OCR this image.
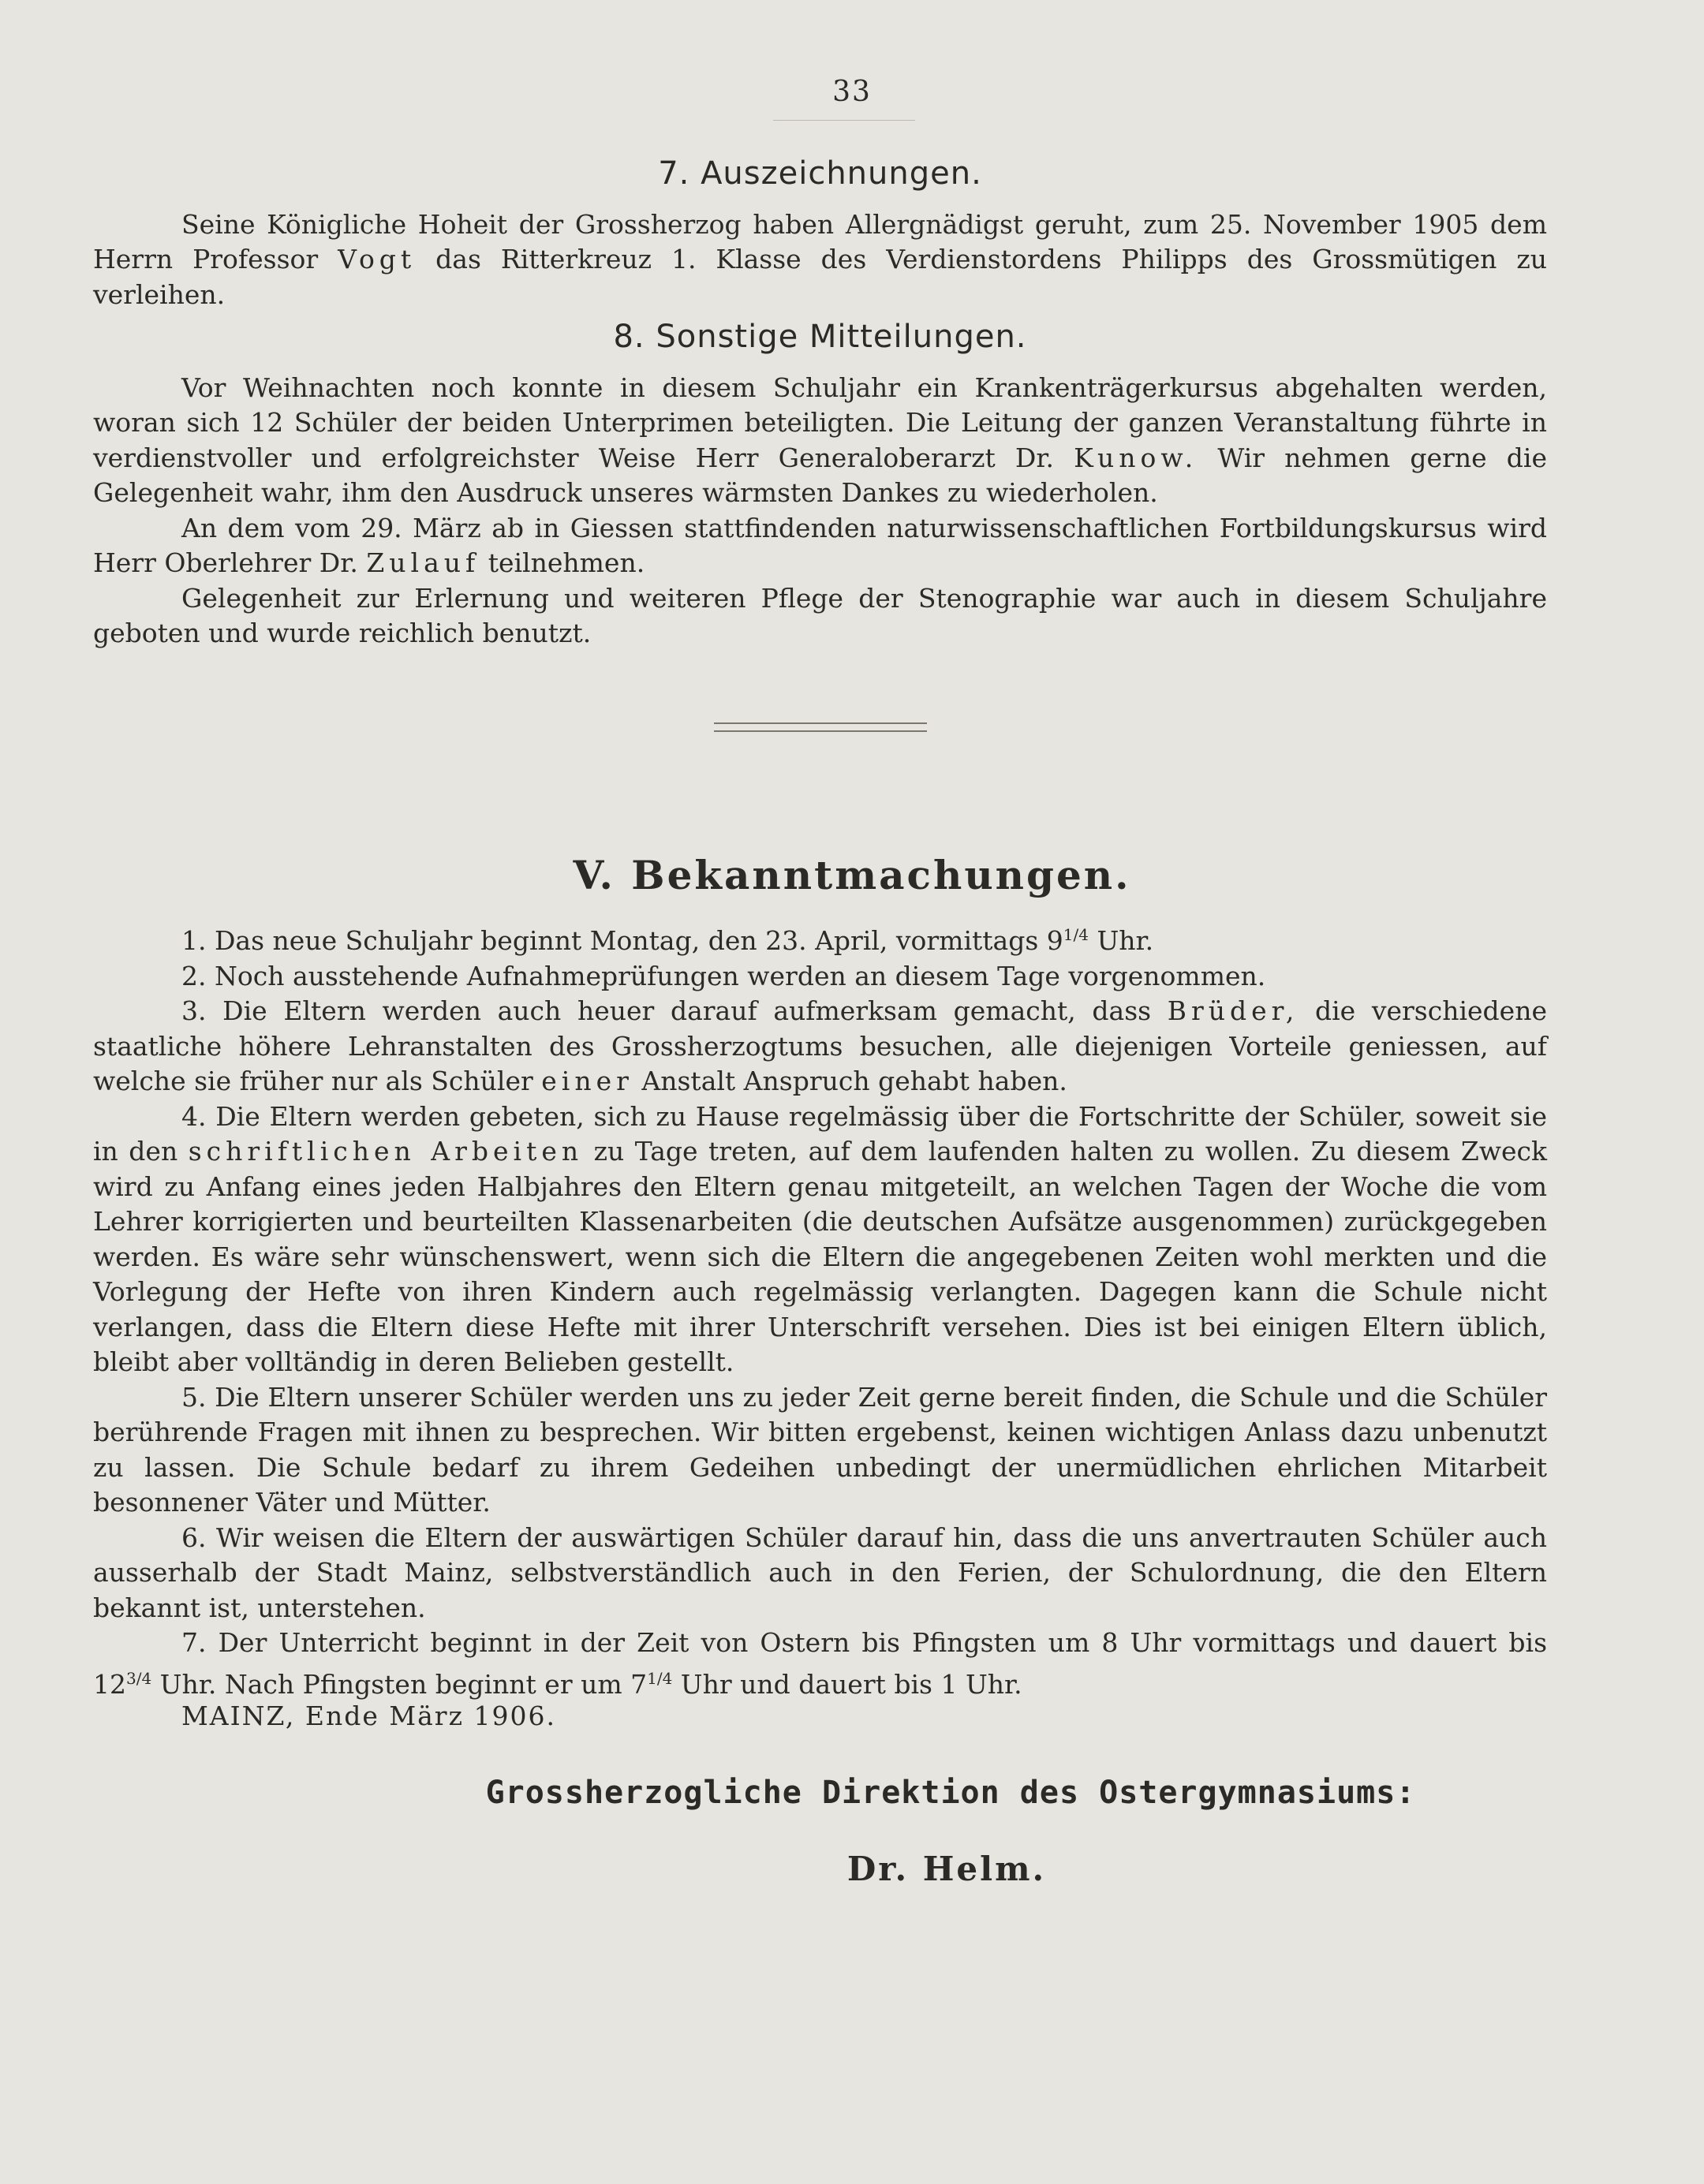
33
7. Auszeichnungen.

Seine Königliche Hoheit der Grossherzog haben Allergnädigst geruht, zum 25. November 1905 dem Herrn Professor Vogt das Ritterkreuz 1. Klasse des Verdienstordens Philipps des Grossmütigen zu verleihen.

8. Sonstige Mitteilungen.

Vor Weihnachten noch konnte in diesem Schuljahr ein Krankenträgerkursus abgehalten werden, woran sich 12 Schüler der beiden Unterprimen beteiligten. Die Leitung der ganzen Veranstaltung führte in verdienstvoller und erfolgreichster Weise Herr Generaloberarzt Dr. Kunow. Wir nehmen gerne die Gelegenheit wahr, ihm den Ausdruck unseres wärmsten Dankes zu wiederholen.

An dem vom 29. März ab in Giessen stattfindenden naturwissenschaftlichen Fortbildungskursus wird Herr Oberlehrer Dr. Zulauf teilnehmen.

Gelegenheit zur Erlernung und weiteren Pflege der Stenographie war auch in diesem Schuljahre geboten und wurde reichlich benutzt.

V. Bekanntmachungen.

1. Das neue Schuljahr beginnt Montag, den 23. April, vormittags $9^{1/4}$ Uhr.

2. Noch ausstehende Aufnahmeprüfungen werden an diesem Tage vorgenommen.

3. Die Eltern werden auch heuer darauf aufmerksam gemacht, dass Brüder, die verschiedene staatliche höhere Lehranstalten des Grossherzogtums besuchen, alle diejenigen Vorteile geniessen, auf welche sie früher nur als Schüler einer Anstalt Anspruch gehabt haben.

4. Die Eltern werden gebeten, sich zu Hause regelmässig über die Fortschritte der Schüler, soweit sie in den schriftlichen Arbeiten zu Tage treten, auf dem laufenden halten zu wollen. Zu diesem Zweck wird zu Anfang eines jeden Halbjahres den Eltern genau mitgeteilt, an welchen Tagen der Woche die vom Lehrer korrigierten und beurteilten Klassenarbeiten (die deutschen Aufsätze ausgenommen) zurückgegeben werden. Es wäre sehr wünschenswert, wenn sich die Eltern die angegebenen Zeiten wohl merkten und die Vorlegung der Hefte von ihren Kindern auch regelmässig verlangten. Dagegen kann die Schule nicht verlangen, dass die Eltern diese Hefte mit ihrer Unterschrift versehen. Dies ist bei einigen Eltern üblich, bleibt aber volltändig in deren Belieben gestellt.

5. Die Eltern unserer Schüler werden uns zu jeder Zeit gerne bereit finden, die Schule und die Schüler berührende Fragen mit ihnen zu besprechen. Wir bitten ergebenst, keinen wichtigen Anlass dazu unbenutzt zu lassen. Die Schule bedarf zu ihrem Gedeihen unbedingt der unermüdlichen ehrlichen Mitarbeit besonnener Väter und Mütter.

6. Wir weisen die Eltern der auswärtigen Schüler darauf hin, dass die uns anvertrauten Schüler auch ausserhalb der Stadt Mainz, selbstverständlich auch in den Ferien, der Schulordnung, die den Eltern bekannt ist, unterstehen.

7. Der Unterricht beginnt in der Zeit von Ostern bis Pfingsten um 8 Uhr vormittags und dauert bis $12^{3/4}$ Uhr. Nach Pfingsten beginnt er um $7^{1/4}$ Uhr und dauert bis 1 Uhr.

MAINZ, Ende März 1906.
Grossherzogliche Direktion des Ostergymnasiums:
Dr. Helm.
